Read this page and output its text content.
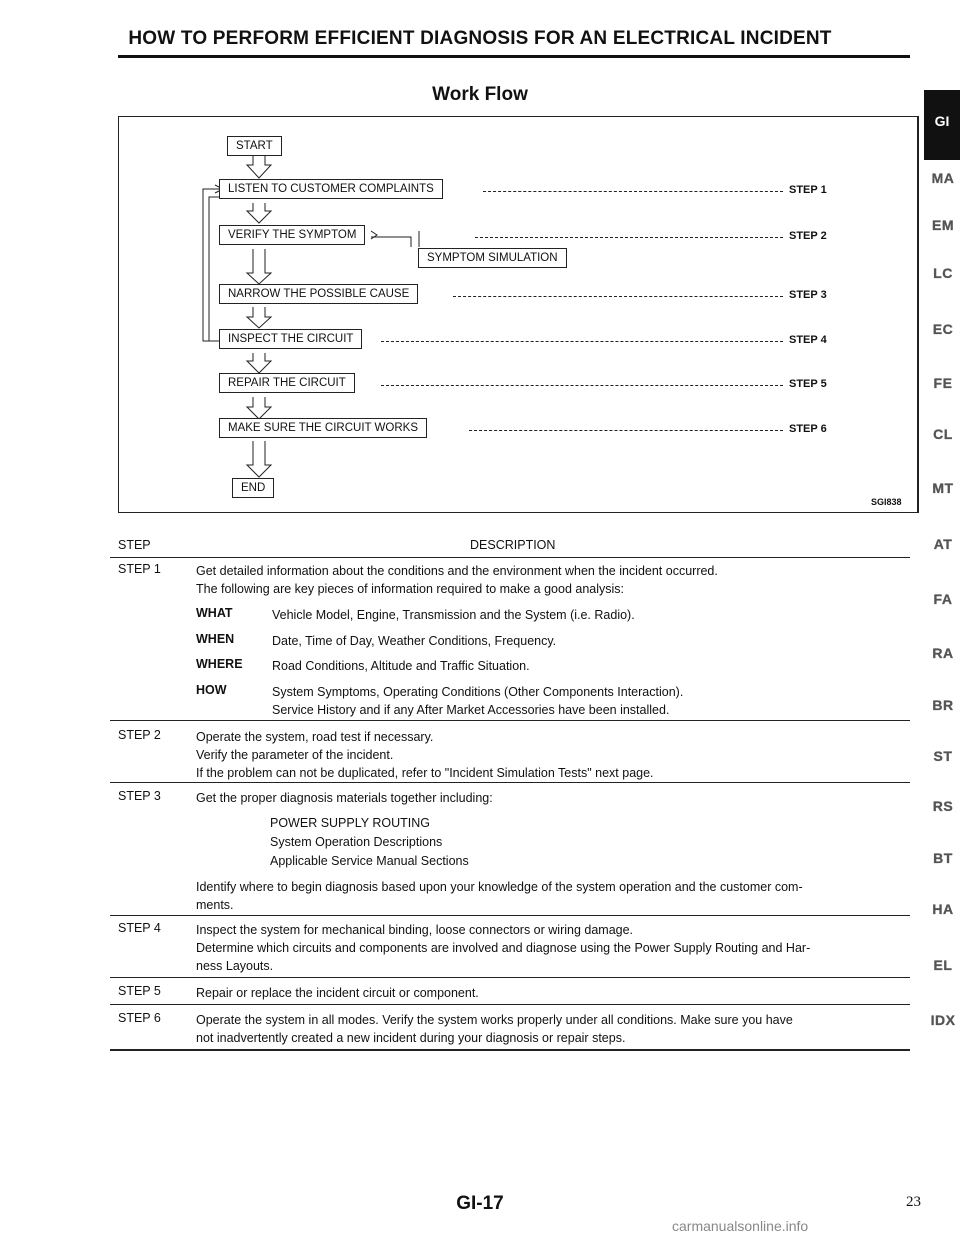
HOW TO PERFORM EFFICIENT DIAGNOSIS FOR AN ELECTRICAL INCIDENT
Work Flow
GI
MA
EM
LC
EC
FE
CL
MT
AT
FA
RA
BR
ST
RS
BT
HA
EL
IDX
START
LISTEN TO CUSTOMER COMPLAINTS
VERIFY THE SYMPTOM
SYMPTOM SIMULATION
NARROW THE POSSIBLE CAUSE
INSPECT THE CIRCUIT
REPAIR THE CIRCUIT
MAKE SURE THE CIRCUIT WORKS
END
STEP 1
STEP 2
STEP 3
STEP 4
STEP 5
STEP 6
SGI838
STEP	DESCRIPTION
STEP 1	Get detailed information about the conditions and the environment when the incident occurred.
The following are key pieces of information required to make a good analysis:
WHAT	Vehicle Model, Engine, Transmission and the System (i.e. Radio).
WHEN	Date, Time of Day, Weather Conditions, Frequency.
WHERE Road Conditions, Altitude and Traffic Situation.
HOW	System Symptoms, Operating Conditions (Other Components Interaction).
Service History and if any After Market Accessories have been installed.
STEP 2	Operate the system, road test if necessary.
Verify the parameter of the incident.
If the problem can not be duplicated, refer to "Incident Simulation Tests" next page.
STEP 3	Get the proper diagnosis materials together including:
POWER SUPPLY ROUTING
System Operation Descriptions
Applicable Service Manual Sections
Identify where to begin diagnosis based upon your knowledge of the system operation and the customer com-
ments.
STEP 4	Inspect the system for mechanical binding, loose connectors or wiring damage.
Determine which circuits and components are involved and diagnose using the Power Supply Routing and Har-
ness Layouts.
STEP 5	Repair or replace the incident circuit or component.
STEP 6	Operate the system in all modes. Verify the system works properly under all conditions. Make sure you have
not inadvertently created a new incident during your diagnosis or repair steps.
GI-17	23
carmanualsonline.info
